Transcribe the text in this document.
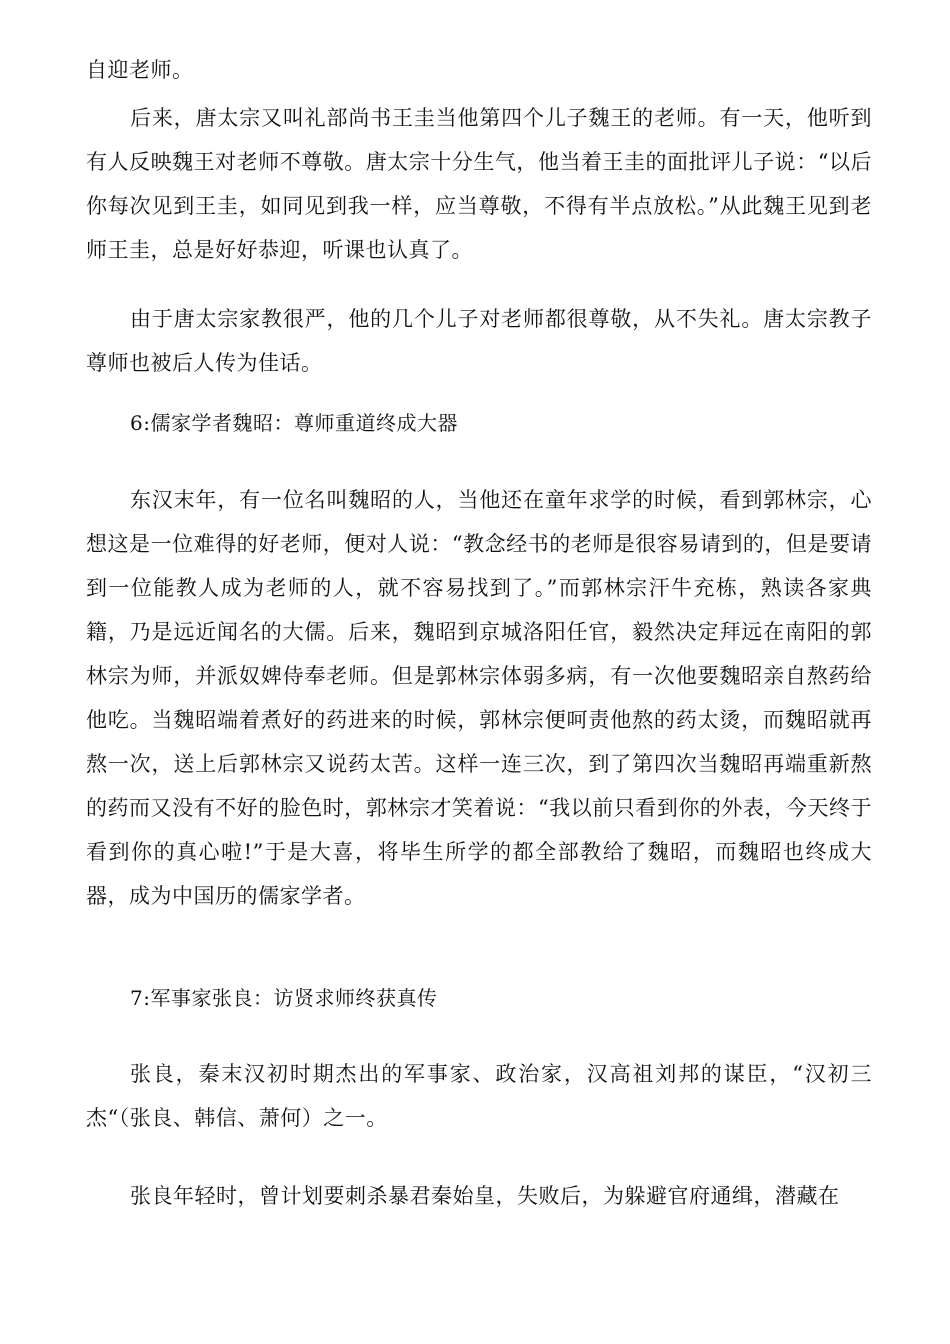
自迎老师。
后来，唐太宗又叫礼部尚书王圭当他第四个儿子魏王的老师。有一天，他听到有人反映魏王对老师不尊敬。唐太宗十分生气，他当着王圭的面批评儿子说：“以后你每次见到王圭，如同见到我一样，应当尊敬，不得有半点放松。”从此魏王见到老师王圭，总是好好恭迎，听课也认真了。
由于唐太宗家教很严，他的几个儿子对老师都很尊敬，从不失礼。唐太宗教子尊师也被后人传为佳话。
6:儒家学者魏昭：尊师重道终成大器
东汉末年，有一位名叫魏昭的人，当他还在童年求学的时候，看到郭林宗，心想这是一位难得的好老师，便对人说：“教念经书的老师是很容易请到的，但是要请到一位能教人成为老师的人，就不容易找到了。”而郭林宗汗牛充栋，熟读各家典籍，乃是远近闻名的大儒。后来，魏昭到京城洛阳任官，毅然决定拜远在南阳的郭林宗为师，并派奴婢侍奉老师。但是郭林宗体弱多病，有一次他要魏昭亲自熬药给他吃。当魏昭端着煮好的药进来的时候，郭林宗便呵责他熬的药太烫，而魏昭就再熬一次，送上后郭林宗又说药太苦。这样一连三次，到了第四次当魏昭再端重新熬的药而又没有不好的脸色时，郭林宗才笑着说：“我以前只看到你的外表，今天终于看到你的真心啦!”于是大喜，将毕生所学的都全部教给了魏昭，而魏昭也终成大器，成为中国历的儒家学者。
7:军事家张良：访贤求师终获真传
张良，秦末汉初时期杰出的军事家、政治家，汉高祖刘邦的谋臣，“汉初三杰“（张良、韩信、萧何）之一。
张良年轻时，曾计划要刺杀暴君秦始皇，失败后，为躲避官府通缉，潜藏在
